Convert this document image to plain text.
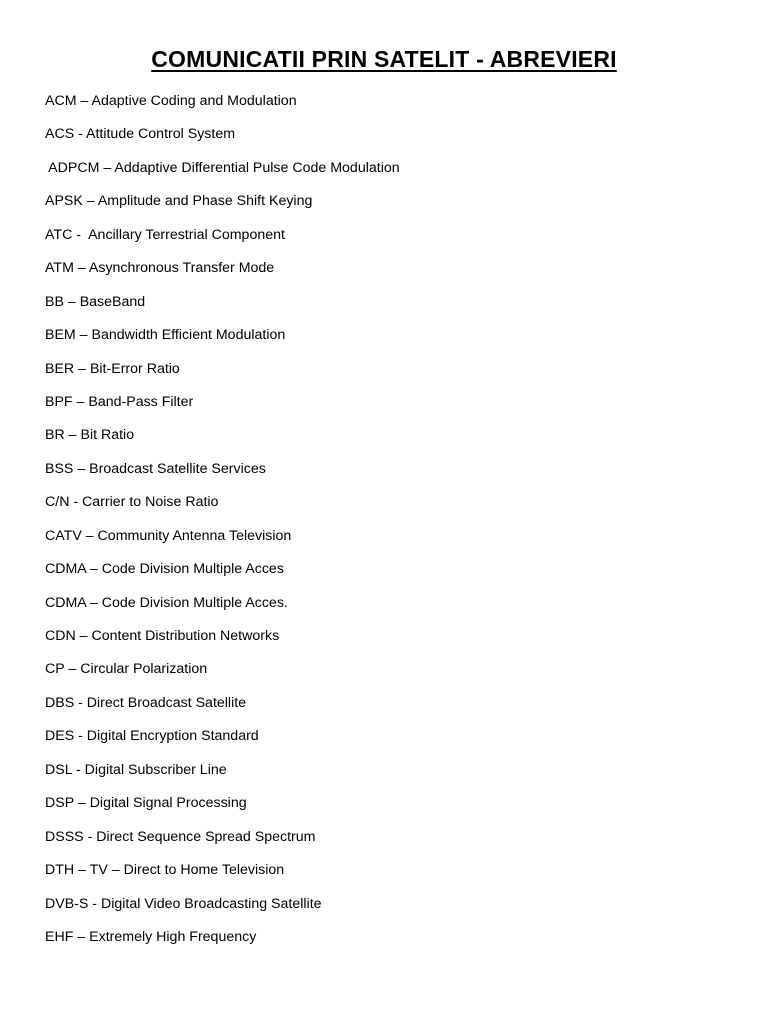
COMUNICATII PRIN SATELIT - ABREVIERI
ACM – Adaptive Coding and Modulation
ACS - Attitude Control System
ADPCM – Addaptive Differential Pulse Code Modulation
APSK – Amplitude and Phase Shift Keying
ATC -  Ancillary Terrestrial Component
ATM – Asynchronous Transfer Mode
BB – BaseBand
BEM – Bandwidth Efficient Modulation
BER – Bit-Error Ratio
BPF – Band-Pass Filter
BR – Bit Ratio
BSS – Broadcast Satellite Services
C/N - Carrier to Noise Ratio
CATV – Community Antenna Television
CDMA – Code Division Multiple Acces
CDMA – Code Division Multiple Acces.
CDN – Content Distribution Networks
CP – Circular Polarization
DBS - Direct Broadcast Satellite
DES - Digital Encryption Standard
DSL - Digital Subscriber Line
DSP – Digital Signal Processing
DSSS - Direct Sequence Spread Spectrum
DTH – TV – Direct to Home Television
DVB-S - Digital Video Broadcasting Satellite
EHF – Extremely High Frequency
